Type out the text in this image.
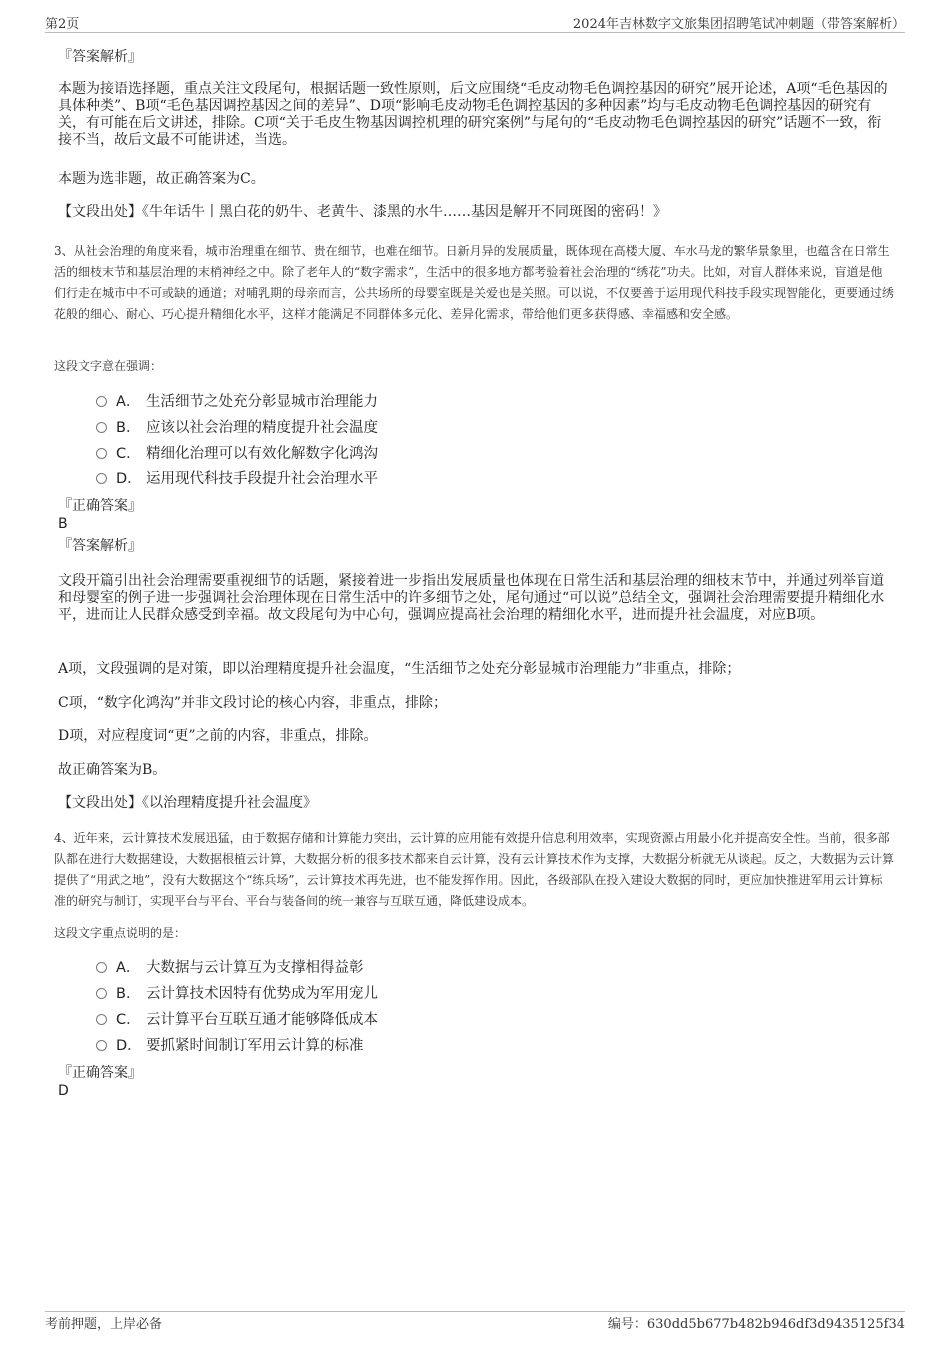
第2页	2024年吉林数字文旅集团招聘笔试冲刺题（带答案解析）

『答案解析』

本题为接语选择题，重点关注文段尾句，根据话题一致性原则，后文应围绕“毛皮动物毛色调控基因的研究”展开论述，A项“毛色基因的具体种类”、B项“毛色基因调控基因之间的差异”、D项“影响毛皮动物毛色调控基因的多种因素”均与毛皮动物毛色调控基因的研究有关，有可能在后文讲述，排除。C项“关于毛皮生物基因调控机理的研究案例”与尾句的“毛皮动物毛色调控基因的研究”话题不一致，衔接不当，故后文最不可能讲述，当选。

本题为选非题，故正确答案为C。

【文段出处】《牛年话牛丨黑白花的奶牛、老黄牛、漆黑的水牛……基因是解开不同斑图的密码！》

3、从社会治理的角度来看，城市治理重在细节、贵在细节，也难在细节。日新月异的发展质量，既体现在高楼大厦、车水马龙的繁华景象里，也蕴含在日常生活的细枝末节和基层治理的末梢神经之中。除了老年人的“数字需求”，生活中的很多地方都考验着社会治理的“绣花”功夫。比如，对盲人群体来说，盲道是他们行走在城市中不可或缺的通道；对哺乳期的母亲而言，公共场所的母婴室既是关爱也是关照。可以说，不仅要善于运用现代科技手段实现智能化，更要通过绣花般的细心、耐心、巧心提升精细化水平，这样才能满足不同群体多元化、差异化需求，带给他们更多获得感、幸福感和安全感。

这段文字意在强调：

A． 生活细节之处充分彰显城市治理能力
B． 应该以社会治理的精度提升社会温度
C． 精细化治理可以有效化解数字化鸿沟
D． 运用现代科技手段提升社会治理水平

『正确答案』

B

『答案解析』

文段开篇引出社会治理需要重视细节的话题，紧接着进一步指出发展质量也体现在日常生活和基层治理的细枝末节中，并通过列举盲道和母婴室的例子进一步强调社会治理体现在日常生活中的许多细节之处，尾句通过“可以说”总结全文，强调社会治理需要提升精细化水平，进而让人民群众感受到幸福。故文段尾句为中心句，强调应提高社会治理的精细化水平，进而提升社会温度，对应B项。

A项，文段强调的是对策，即以治理精度提升社会温度，“生活细节之处充分彰显城市治理能力”非重点，排除；

C项，“数字化鸿沟”并非文段讨论的核心内容，非重点，排除；

D项，对应程度词“更”之前的内容，非重点，排除。

故正确答案为B。

【文段出处】《以治理精度提升社会温度》

4、近年来，云计算技术发展迅猛，由于数据存储和计算能力突出，云计算的应用能有效提升信息利用效率，实现资源占用最小化并提高安全性。当前，很多部队都在进行大数据建设，大数据根植云计算，大数据分析的很多技术都来自云计算，没有云计算技术作为支撑，大数据分析就无从谈起。反之，大数据为云计算提供了“用武之地”，没有大数据这个“练兵场”，云计算技术再先进，也不能发挥作用。因此，各级部队在投入建设大数据的同时，更应加快推进军用云计算标准的研究与制订，实现平台与平台、平台与装备间的统一兼容与互联互通，降低建设成本。

这段文字重点说明的是：

A． 大数据与云计算互为支撑相得益彰
B． 云计算技术因特有优势成为军用宠儿
C． 云计算平台互联互通才能够降低成本
D． 要抓紧时间制订军用云计算的标准

『正确答案』

D

考前押题，上岸必备	编号：630dd5b677b482b946df3d9435125f34
